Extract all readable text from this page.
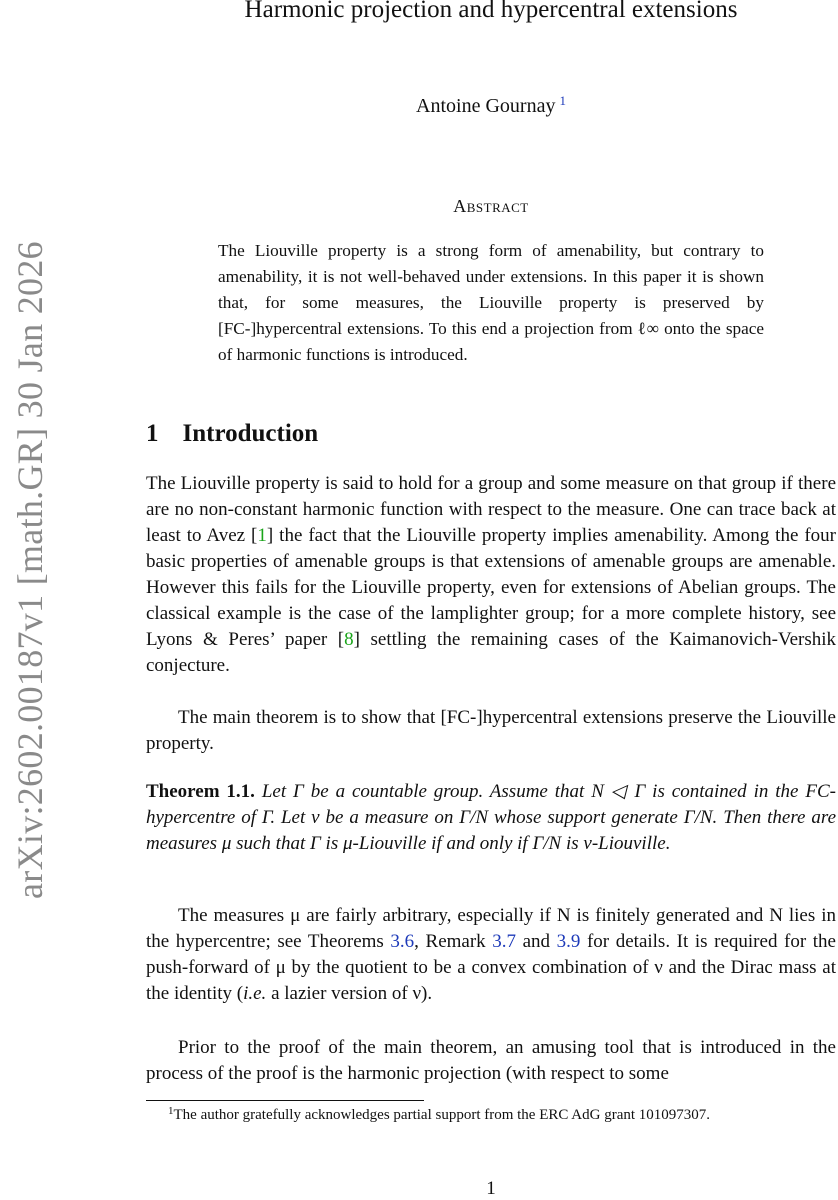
arXiv:2602.00187v1 [math.GR] 30 Jan 2026
Harmonic projection and hypercentral extensions
Antoine Gournay $^1$
Abstract
The Liouville property is a strong form of amenability, but contrary to amenability, it is not well-behaved under extensions. In this paper it is shown that, for some measures, the Liouville property is preserved by [FC-]hypercentral extensions. To this end a projection from ℓ∞ onto the space of harmonic functions is introduced.
1 Introduction

The Liouville property is said to hold for a group and some measure on that group if there are no non-constant harmonic function with respect to the measure. One can trace back at least to Avez [1] the fact that the Liouville property implies amenability. Among the four basic properties of amenable groups is that extensions of amenable groups are amenable. However this fails for the Liouville property, even for extensions of Abelian groups. The classical example is the case of the lamplighter group; for a more complete history, see Lyons & Peres’ paper [8] settling the remaining cases of the Kaimanovich-Vershik conjecture.

The main theorem is to show that [FC-]hypercentral extensions preserve the Liouville property.

Theorem 1.1. Let Γ be a countable group. Assume that N ◁ Γ is contained in the FC-hypercentre of Γ. Let ν be a measure on Γ/N whose support generate Γ/N. Then there are measures μ such that Γ is μ-Liouville if and only if Γ/N is ν-Liouville.

The measures μ are fairly arbitrary, especially if N is finitely generated and N lies in the hypercentre; see Theorems 3.6, Remark 3.7 and 3.9 for details. It is required for the push-forward of μ by the quotient to be a convex combination of ν and the Dirac mass at the identity (i.e. a lazier version of ν).

Prior to the proof of the main theorem, an amusing tool that is introduced in the process of the proof is the harmonic projection (with respect to some

$^1$The author gratefully acknowledges partial support from the ERC AdG grant 101097307.
1
